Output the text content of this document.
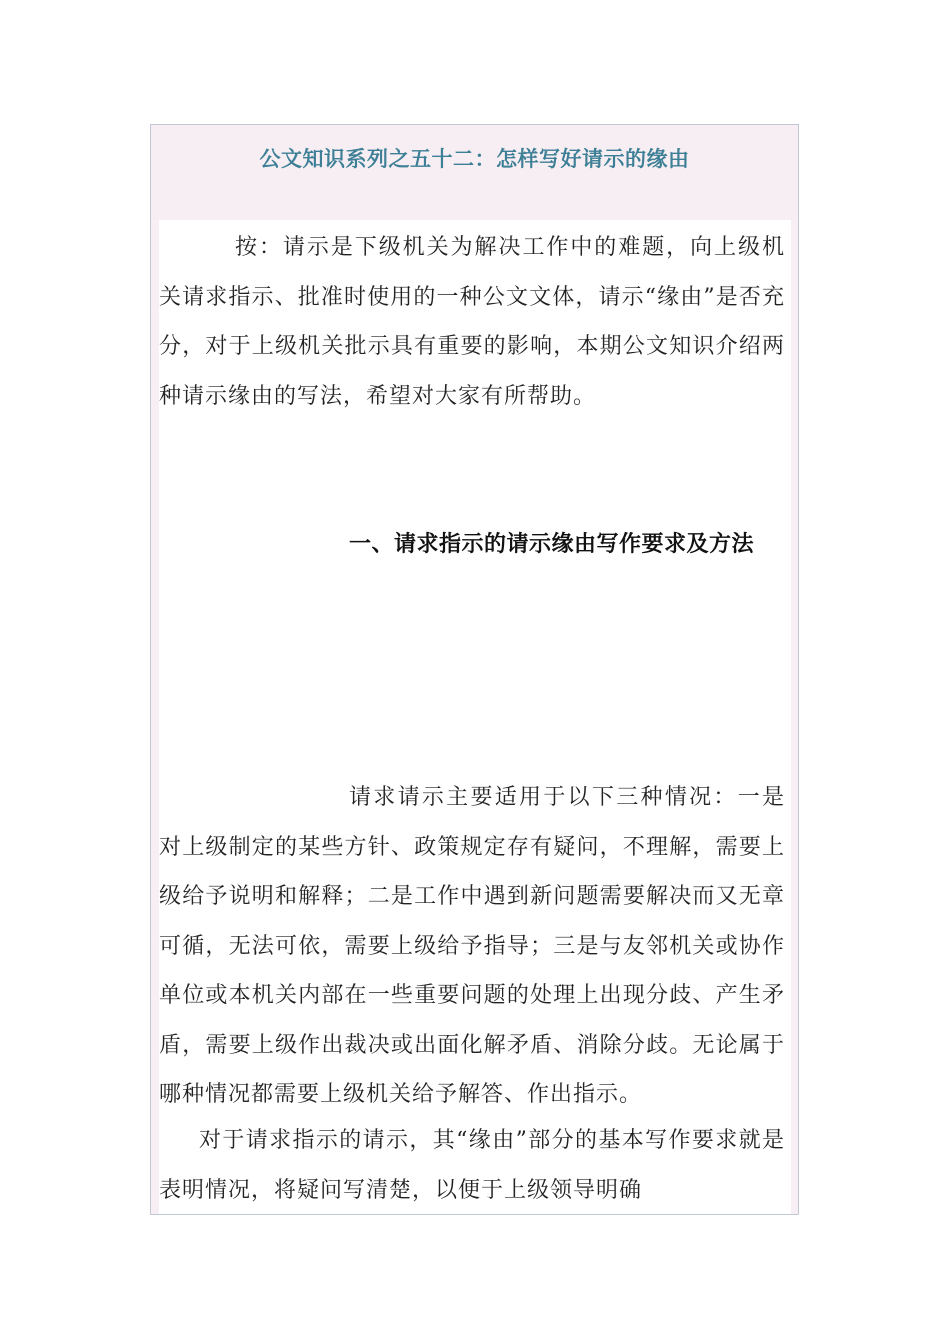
公文知识系列之五十二：怎样写好请示的缘由

按：请示是下级机关为解决工作中的难题，向上级机关请求指示、批准时使用的一种公文文体，请示“缘由”是否充分，对于上级机关批示具有重要的影响，本期公文知识介绍两种请示缘由的写法，希望对大家有所帮助。

一、请求指示的请示缘由写作要求及方法

请求请示主要适用于以下三种情况：一是对上级制定的某些方针、政策规定存有疑问，不理解，需要上级给予说明和解释；二是工作中遇到新问题需要解决而又无章可循，无法可依，需要上级给予指导；三是与友邻机关或协作单位或本机关内部在一些重要问题的处理上出现分歧、产生矛盾，需要上级作出裁决或出面化解矛盾、消除分歧。无论属于哪种情况都需要上级机关给予解答、作出指示。

对于请求指示的请示，其“缘由”部分的基本写作要求就是表明情况，将疑问写清楚，以便于上级领导明确
